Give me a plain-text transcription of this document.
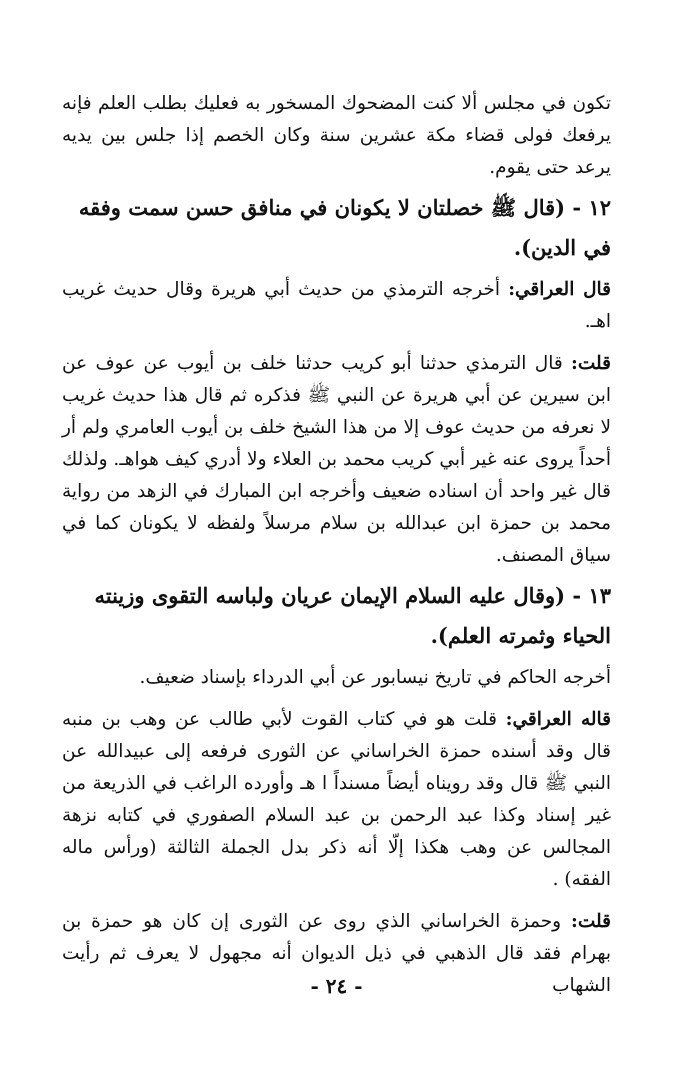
تكون في مجلس ألا كنت المضحوك المسخور به فعليك بطلب العلم فإنه يرفعك فولى قضاء مكة عشرين سنة وكان الخصم إذا جلس بين يديه يرعد حتى يقوم.

١٢ - (قال ﷺ خصلتان لا يكونان في منافق حسن سمت وفقه في الدين).

قال العراقي: أخرجه الترمذي من حديث أبي هريرة وقال حديث غريب اهـ.

قلت: قال الترمذي حدثنا أبو كريب حدثنا خلف بن أيوب عن عوف عن ابن سيرين عن أبي هريرة عن النبي ﷺ فذكره ثم قال هذا حديث غريب لا نعرفه من حديث عوف إلا من هذا الشيخ خلف بن أيوب العامري ولم أر أحداً يروى عنه غير أبي كريب محمد بن العلاء ولا أدري كيف هواهـ. ولذلك قال غير واحد أن اسناده ضعيف وأخرجه ابن المبارك في الزهد من رواية محمد بن حمزة ابن عبدالله بن سلام مرسلاً ولفظه لا يكونان كما في سياق المصنف.

١٣ - (وقال عليه السلام الإيمان عريان ولباسه التقوى وزينته الحياء وثمرته العلم).

أخرجه الحاكم في تاريخ نيسابور عن أبي الدرداء بإسناد ضعيف.

قاله العراقي: قلت هو في كتاب القوت لأبي طالب عن وهب بن منبه قال وقد أسنده حمزة الخراساني عن الثورى فرفعه إلى عبيدالله عن النبي ﷺ قال وقد رويناه أيضاً مسنداً ا هـ وأورده الراغب في الذريعة من غير إسناد وكذا عبد الرحمن بن عبد السلام الصفوري في كتابه نزهة المجالس عن وهب هكذا إلّا أنه ذكر بدل الجملة الثالثة (ورأس ماله الفقه) .

قلت: وحمزة الخراساني الذي روى عن الثورى إن كان هو حمزة بن بهرام فقد قال الذهبي في ذيل الديوان أنه مجهول لا يعرف ثم رأيت الشهاب

- ٢٤ -
